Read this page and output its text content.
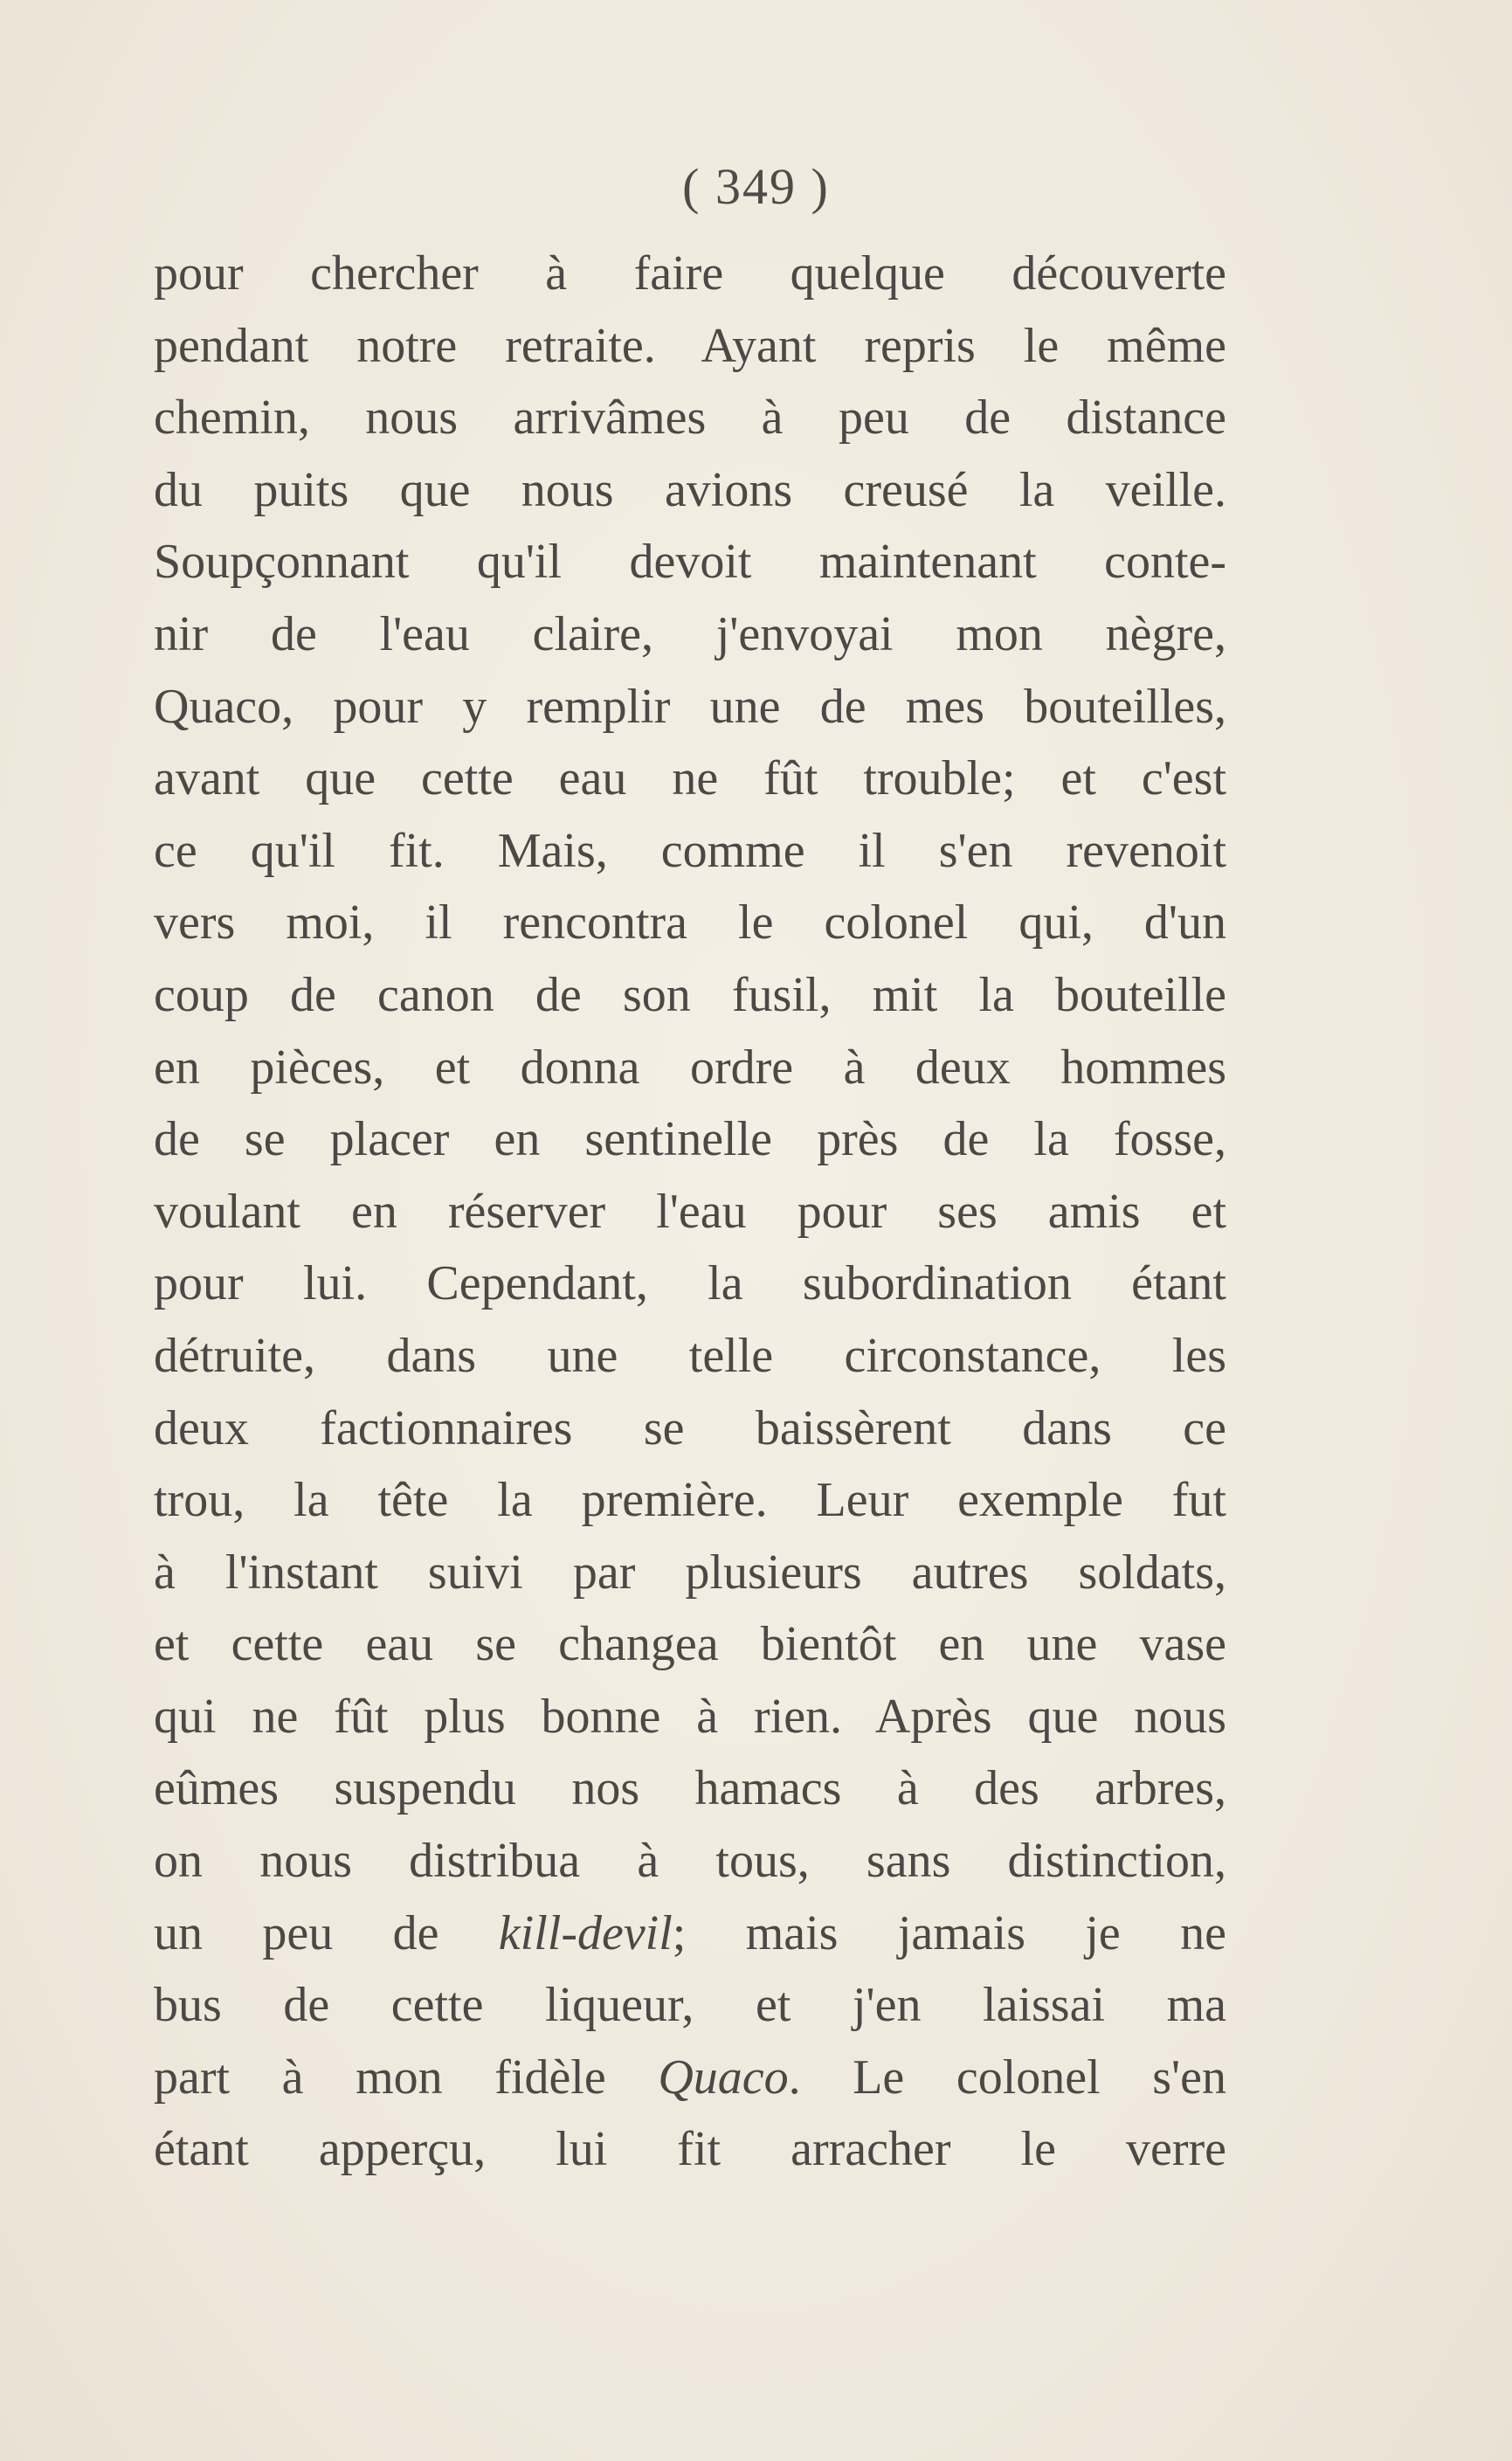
( 349 )
pour chercher à faire quelque découverte
pendant notre retraite. Ayant repris le même
chemin, nous arrivâmes à peu de distance
du puits que nous avions creusé la veille.
Soupçonnant qu'il devoit maintenant conte-
nir de l'eau claire, j'envoyai mon nègre,
Quaco, pour y remplir une de mes bouteilles,
avant que cette eau ne fût trouble; et c'est
ce qu'il fit. Mais, comme il s'en revenoit
vers moi, il rencontra le colonel qui, d'un
coup de canon de son fusil, mit la bouteille
en pièces, et donna ordre à deux hommes
de se placer en sentinelle près de la fosse,
voulant en réserver l'eau pour ses amis et
pour lui. Cependant, la subordination étant
détruite, dans une telle circonstance, les
deux factionnaires se baissèrent dans ce
trou, la tête la première. Leur exemple fut
à l'instant suivi par plusieurs autres soldats,
et cette eau se changea bientôt en une vase
qui ne fût plus bonne à rien. Après que nous
eûmes suspendu nos hamacs à des arbres,
on nous distribua à tous, sans distinction,
un peu de kill-devil; mais jamais je ne
bus de cette liqueur, et j'en laissai ma
part à mon fidèle Quaco. Le colonel s'en
étant apperçu, lui fit arracher le verre
